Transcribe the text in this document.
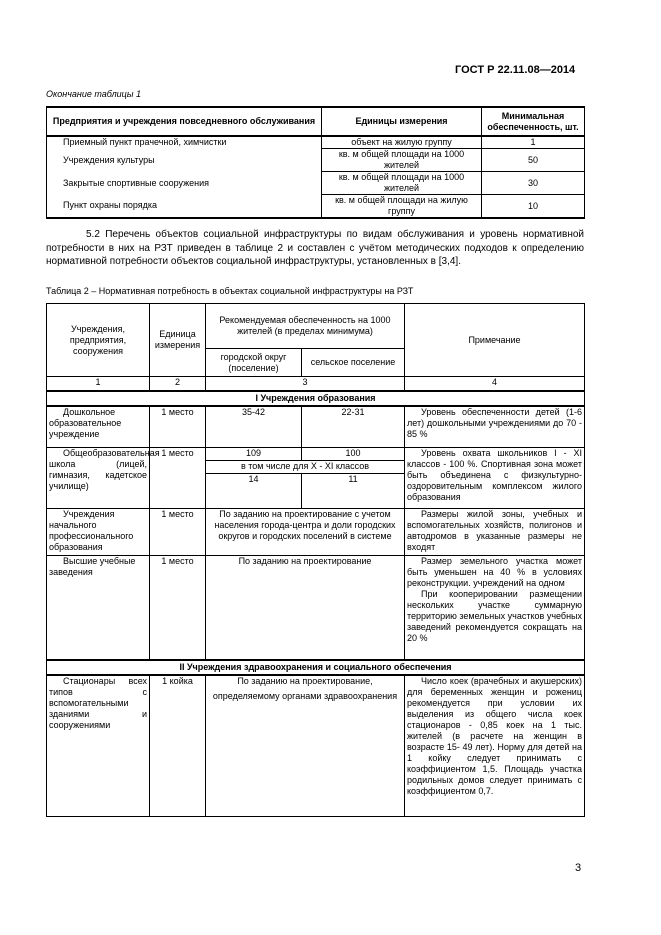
ГОСТ Р 22.11.08—2014
Окончание таблицы 1
Предприятия и учреждения повседневного обслуживания	Единицы измерения	Минимальная обеспеченность, шт.
Приемный пункт прачечной, химчистки	объект на жилую группу	1
Учреждения культуры	кв. м общей площади на 1000 жителей	50
Закрытые спортивные сооружения	кв. м общей площади на 1000 жителей	30
Пункт охраны порядка	кв. м общей площади на жилую группу	10

5.2 Перечень объектов социальной инфраструктуры по видам обслуживания и уровень нормативной потребности в них на РЗТ приведен в таблице 2 и составлен с учётом методических подходов к определению нормативной потребности объектов социальной инфраструктуры, установленных в [3,4].

Таблица 2 – Нормативная потребность в объектах социальной инфраструктуры на РЗТ
Учреждения, предприятия, сооружения	Единица измерения	Рекомендуемая обеспеченность на 1000 жителей (в пределах минимума)		Примечание
		городской округ (поселение)	сельское поселение	
1	2	3		4
I Учреждения образования				
Дошкольное образовательное учреждение	1 место	35-42	22-31	Уровень обеспеченности детей (1-6 лет) дошкольными учреждениями до 70 - 85 %
Общеобразовательная школа (лицей, гимназия, кадетское училище)	1 место	109	100	Уровень охвата школьников I - XI классов - 100 %. Спортивная зона может быть объединена с физкультурно-оздоровительным комплексом жилого образования
		в том числе для X - XI классов		
		14	11	
Учреждения начального профессионального образования	1 место	По заданию на проектирование с учетом населения города-центра и доли городских округов и городских поселений в системе		Размеры жилой зоны, учебных и вспомогательных хозяйств, полигонов и автодромов в указанные размеры не входят
Высшие учебные заведения	1 место	По заданию на проектирование		Размер земельного участка может быть уменьшен на 40 % в условиях реконструкции. учреждений на одном
При кооперировании размещении нескольких участке суммарную территорию земельных участков учебных заведений рекомендуется сокращать на 20 %

II Учреждения здравоохранения и социального обеспечения				
Стационары всех типов с вспомогательными зданиями и сооружениями	1 койка	По заданию на проектирование,
определяемому органами здравоохранения		Число коек (врачебных и акушерских) для беременных женщин и рожениц рекомендуется при условии их выделения из общего числа коек стационаров - 0,85 коек на 1 тыс. жителей (в расчете на женщин в возрасте 15- 49 лет). Норму для детей на 1 койку следует принимать с коэффициентом 1,5. Площадь участка родильных домов следует принимать с коэффициентом 0,7.
3
